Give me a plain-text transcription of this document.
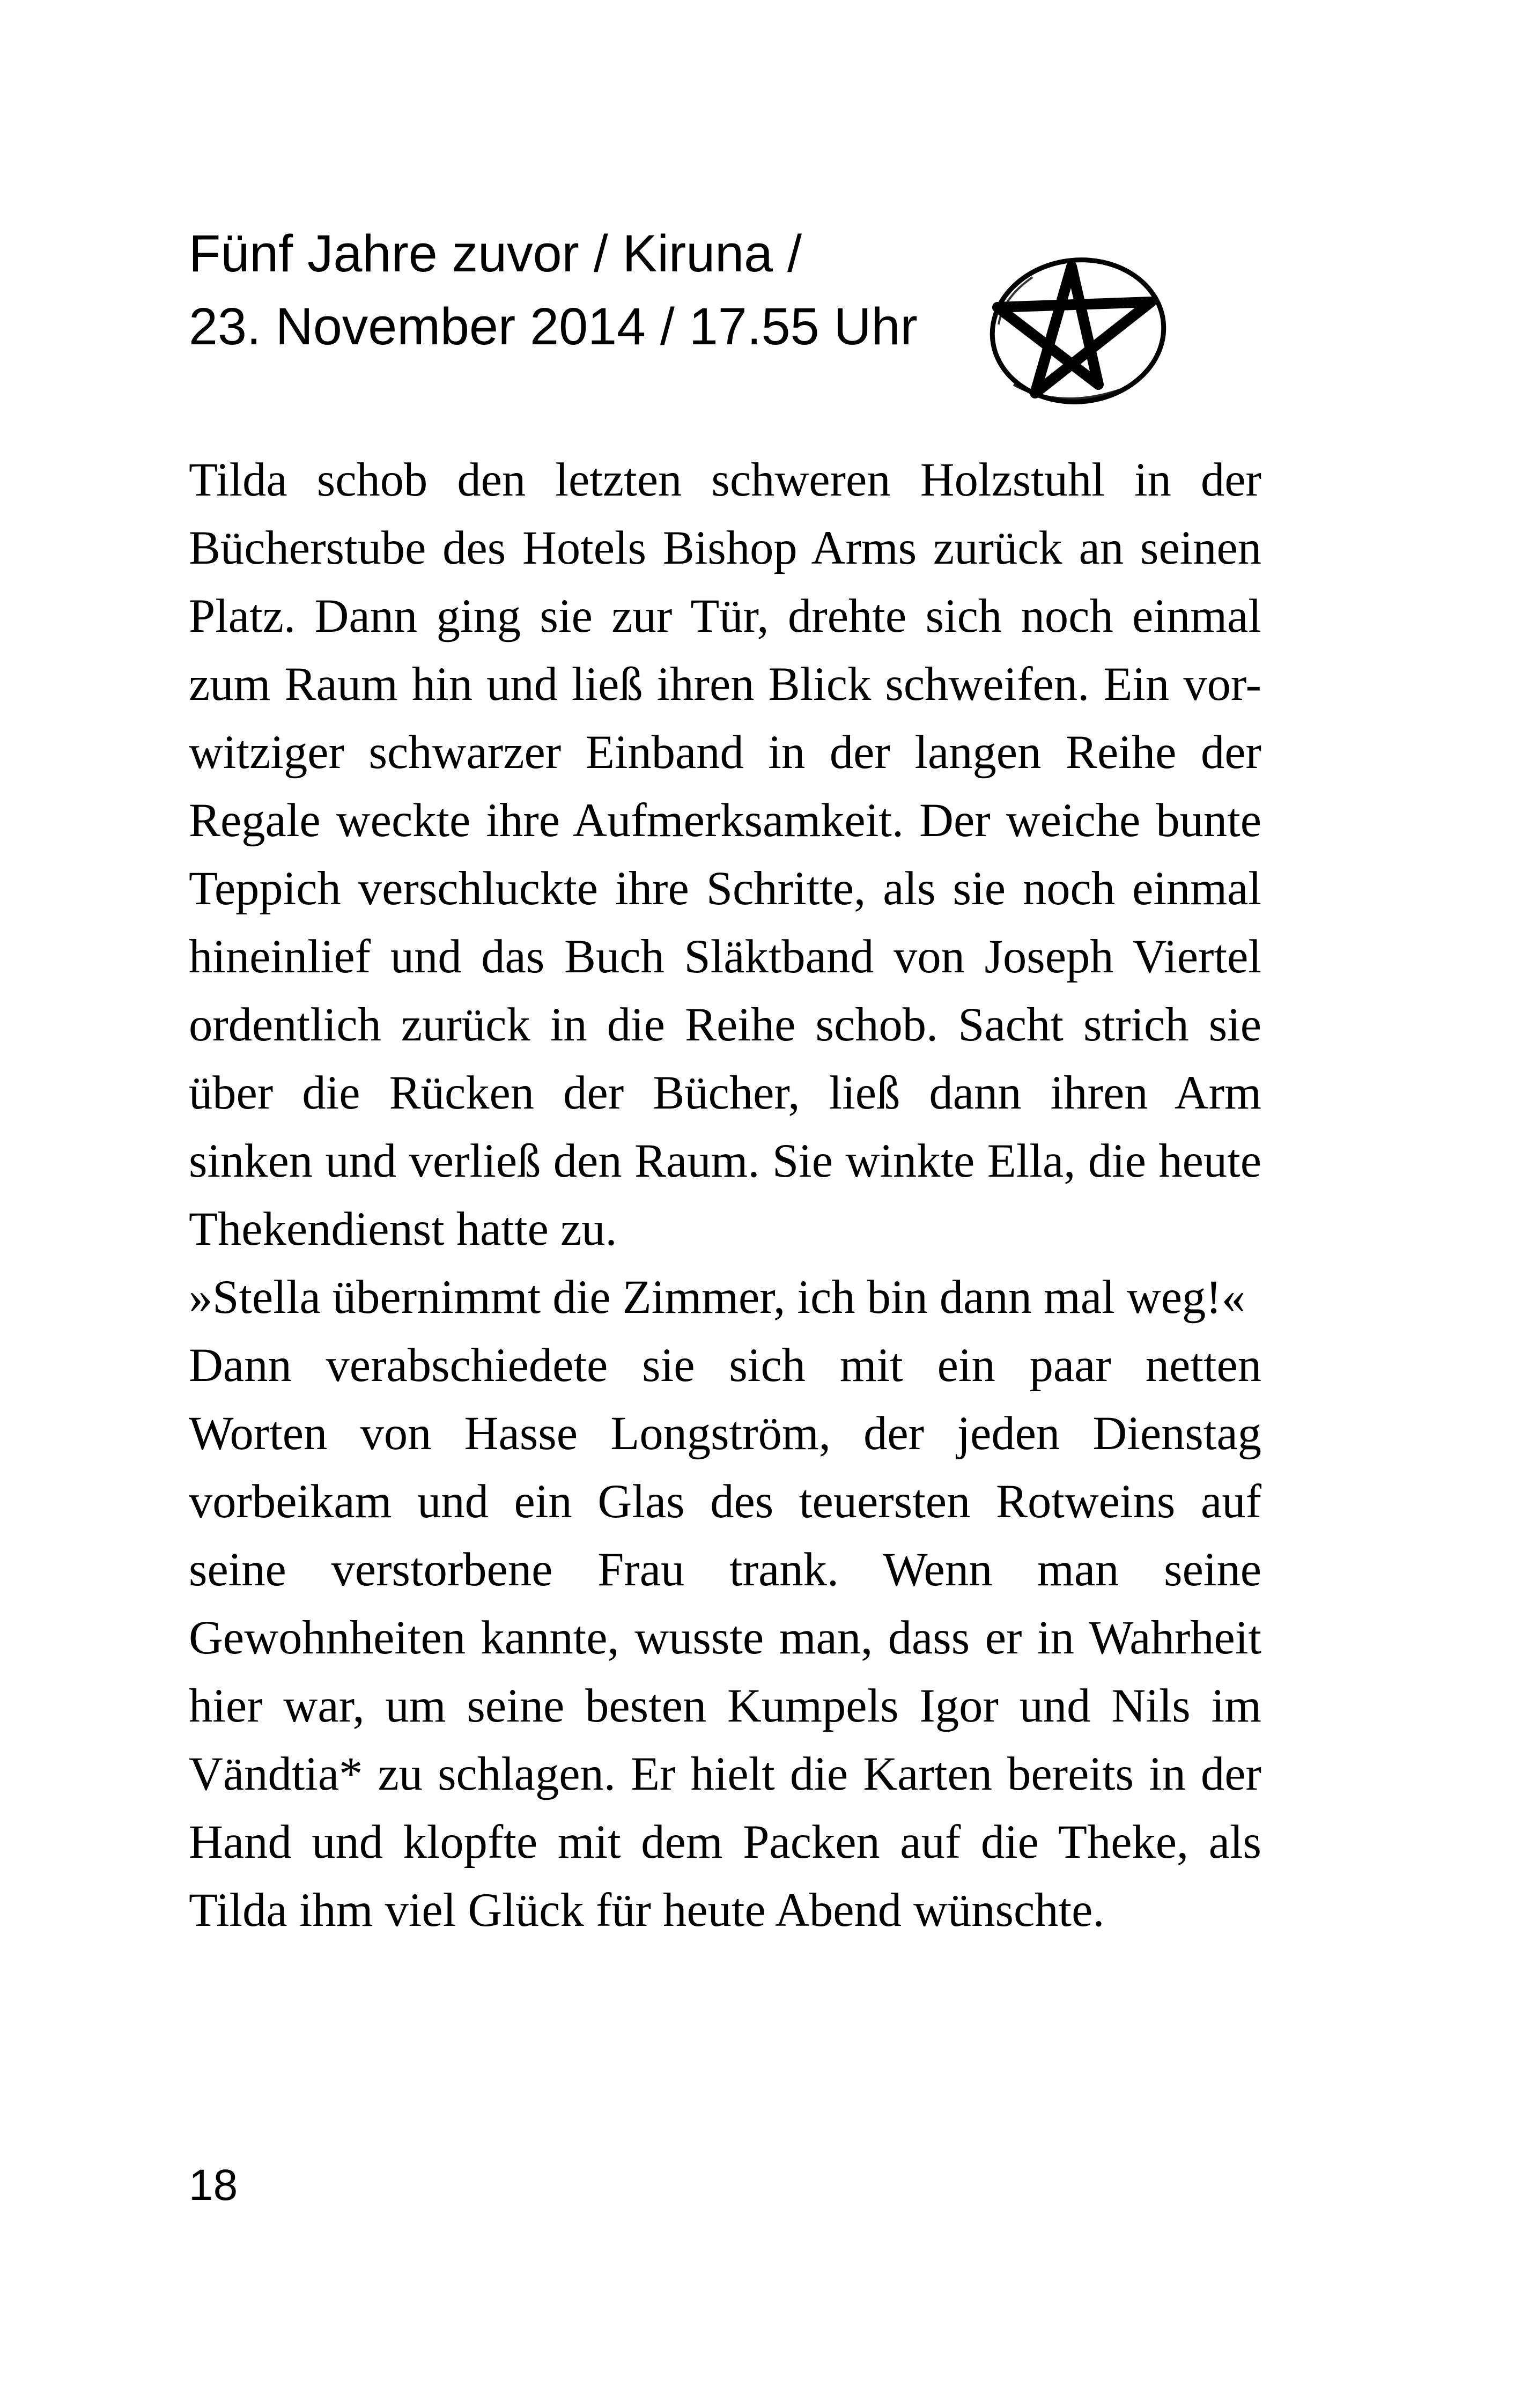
Fünf Jahre zuvor / Kiruna /
23. November 2014 / 17.55 Uhr
Tilda schob den letzten schweren Holzstuhl in der
Bücherstube des Hotels Bishop Arms zurück an seinen
Platz. Dann ging sie zur Tür, drehte sich noch einmal
zum Raum hin und ließ ihren Blick schweifen. Ein vor-
witziger schwarzer Einband in der langen Reihe der
Regale weckte ihre Aufmerksamkeit. Der weiche bunte
Teppich verschluckte ihre Schritte, als sie noch einmal
hineinlief und das Buch Släktband von Joseph Viertel
ordentlich zurück in die Reihe schob. Sacht strich sie
über die Rücken der Bücher, ließ dann ihren Arm
sinken und verließ den Raum. Sie winkte Ella, die heute
Thekendienst hatte zu.
»Stella übernimmt die Zimmer, ich bin dann mal weg!«
Dann verabschiedete sie sich mit ein paar netten
Worten von Hasse Longström, der jeden Dienstag
vorbeikam und ein Glas des teuersten Rotweins auf
seine verstorbene Frau trank. Wenn man seine
Gewohnheiten kannte, wusste man, dass er in Wahrheit
hier war, um seine besten Kumpels Igor und Nils im
Vändtia* zu schlagen. Er hielt die Karten bereits in der
Hand und klopfte mit dem Packen auf die Theke, als
Tilda ihm viel Glück für heute Abend wünschte.
18
